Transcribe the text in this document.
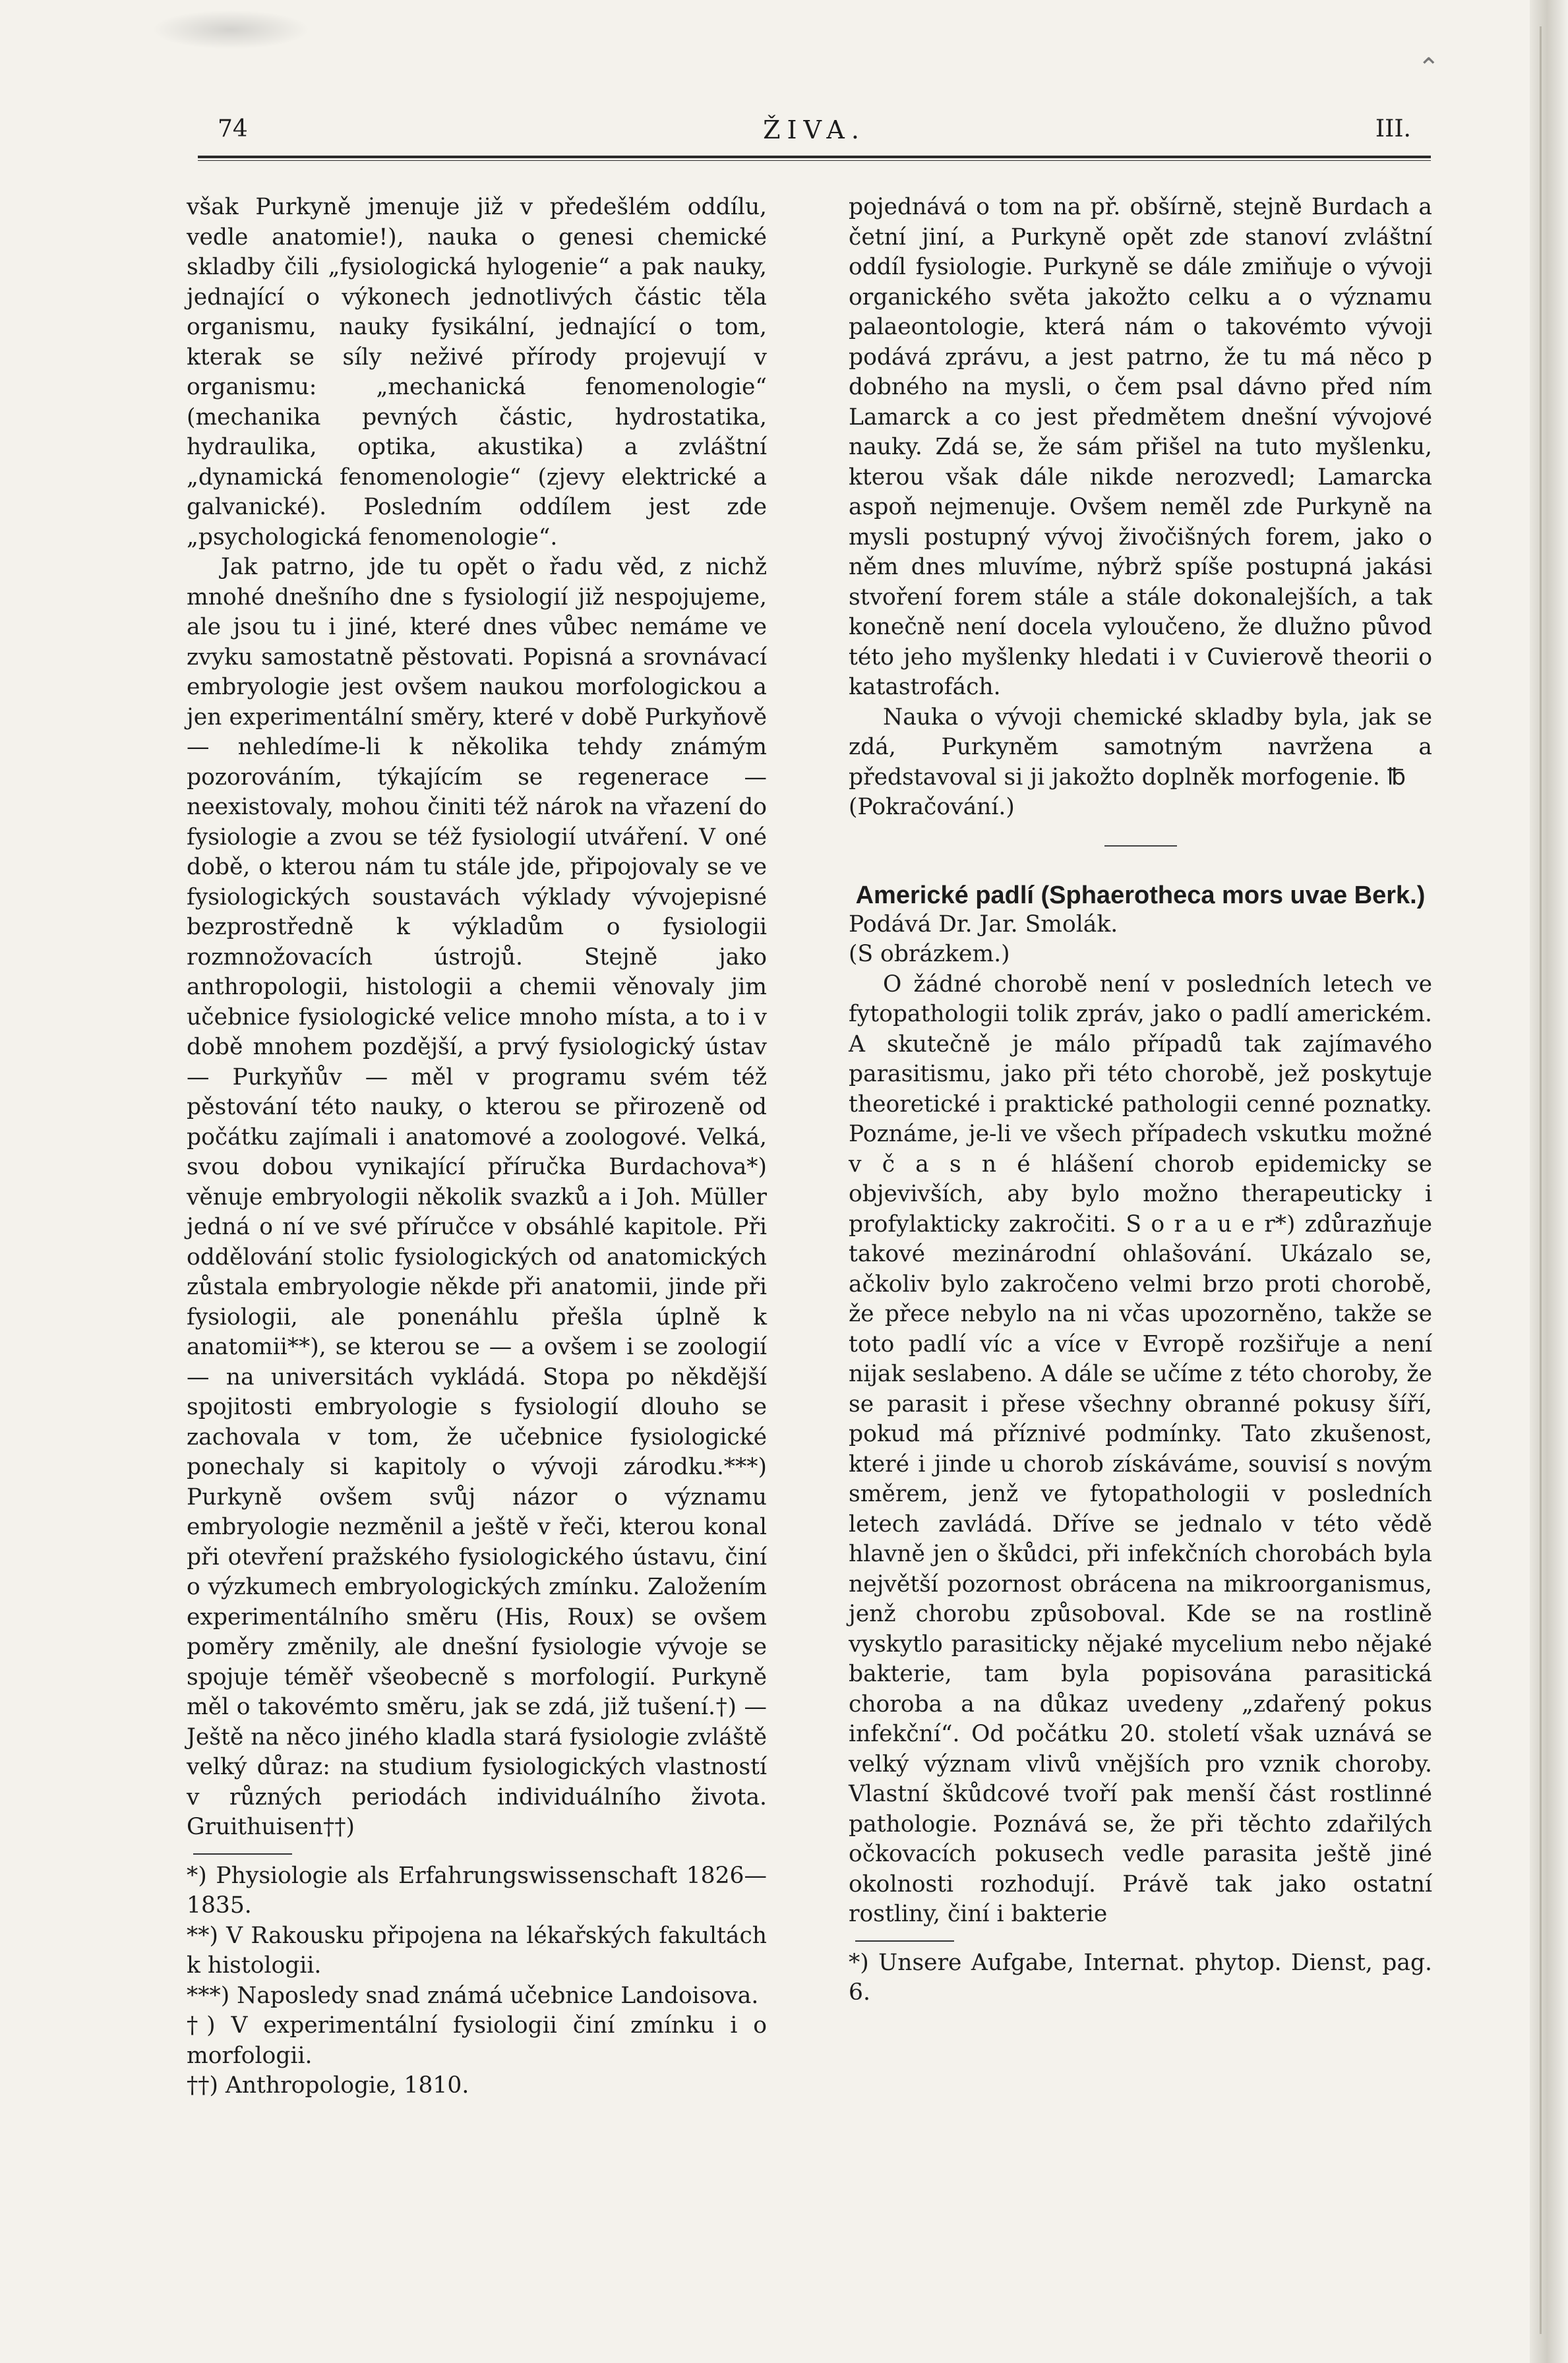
⌃
ŽIVA.
74	III.

však Purkyně jmenuje již v předešlém oddílu, vedle anatomie!), nauka o genesi chemické skladby čili „fysiologická hylogenie“ a pak nauky, jednající o výkonech jednotlivých částic těla organismu, nauky fysikální, jednající o tom, kterak se síly neživé přírody projevují v organismu: „mechanická fenomenologie“ (mechanika pevných částic, hydrostatika, hydraulika, optika, akustika) a zvláštní „dynamická fenomenologie“ (zjevy elektrické a galvanické). Posledním oddílem jest zde „psychologická fenomenologie“.

Jak patrno, jde tu opět o řadu věd, z nichž mnohé dnešního dne s fysiologií již nespojujeme, ale jsou tu i jiné, které dnes vůbec nemáme ve zvyku samostatně pěstovati. Popisná a srovnávací embryologie jest ovšem naukou morfologickou a jen experimentální směry, které v době Purkyňově — nehledíme-li k několika tehdy známým pozorováním, týkajícím se regenerace — neexistovaly, mohou činiti též nárok na vřazení do fysiologie a zvou se též fysiologií utváření. V oné době, o kterou nám tu stále jde, připojovaly se ve fysiologických soustavách výklady vývojepisné bezprostředně k výkladům o fysiologii rozmnožovacích ústrojů. Stejně jako anthropologii, histologii a chemii věnovaly jim učebnice fysiologické velice mnoho místa, a to i v době mnohem pozdější, a prvý fysiologický ústav — Purkyňův — měl v programu svém též pěstování této nauky, o kterou se přirozeně od počátku zajímali i anatomové a zoologové. Velká, svou dobou vynikající příručka Burdachova*) věnuje embryologii několik svazků a i Joh. Müller jedná o ní ve své příručce v obsáhlé kapitole. Při oddělování stolic fysiologických od anatomických zůstala embryologie někde při anatomii, jinde při fysiologii, ale ponenáhlu přešla úplně k anatomii**), se kterou se — a ovšem i se zoologií — na universitách vykládá. Stopa po někdější spojitosti embryologie s fysiologií dlouho se zachovala v tom, že učebnice fysiologické ponechaly si kapitoly o vývoji zárodku.***) Purkyně ovšem svůj názor o významu embryologie nezměnil a ještě v řeči, kterou konal při otevření pražského fysiologického ústavu, činí o výzkumech embryologických zmínku. Založením experimentálního směru (His, Roux) se ovšem poměry změnily, ale dnešní fysiologie vývoje se spojuje téměř všeobecně s morfologií. Purkyně měl o takovémto směru, jak se zdá, již tušení.†) — Ještě na něco jiného kladla stará fysiologie zvláště velký důraz: na studium fysiologických vlastností v různých periodách individuálního života. Gruithuisen††)

*) Physiologie als Erfahrungswissenschaft 1826—1835.

**) V Rakousku připojena na lékařských fakultách k histologii.

***) Naposledy snad známá učebnice Landoisova.

†) V experimentální fysiologii činí zmínku i o morfologii.

††) Anthropologie, 1810.

pojednává o tom na př. obšírně, stejně Burdach a četní jiní, a Purkyně opět zde stanoví zvláštní oddíl fysiologie. Purkyně se dále zmiňuje o vývoji organického světa jakožto celku a o významu palaeontologie, která nám o takovémto vývoji podává zprávu, a jest patrno, že tu má něco p dobného na mysli, o čem psal dávno před ním Lamarck a co jest předmětem dnešní vývojové nauky. Zdá se, že sám přišel na tuto myšlenku, kterou však dále nikde nerozvedl; Lamarcka aspoň nejmenuje. Ovšem neměl zde Purkyně na mysli postupný vývoj živočišných forem, jako o něm dnes mluvíme, nýbrž spíše postupná jakási stvoření forem stále a stále dokonalejších, a tak konečně není docela vyloučeno, že dlužno původ této jeho myšlenky hledati i v Cuvierově theorii o katastrofách.

Nauka o vývoji chemické skladby byla, jak se zdá, Purkyněm samotným navržena a představoval si ji jakožto doplněk morfogenie. ℔

(Pokračování.)

Americké padlí (Sphaerotheca mors uvae Berk.)

Podává Dr. Jar. Smolák.

(S obrázkem.)

O žádné chorobě není v posledních letech ve fytopathologii tolik zpráv, jako o padlí americkém. A skutečně je málo případů tak zajímavého parasitismu, jako při této chorobě, jež poskytuje theoretické i praktické pathologii cenné poznatky. Poznáme, je-li ve všech případech vskutku možné v č a s n é hlášení chorob epidemicky se objevivších, aby bylo možno therapeuticky i profylakticky zakročiti. S o r a u e r*) zdůrazňuje takové mezinárodní ohlašování. Ukázalo se, ačkoliv bylo zakročeno velmi brzo proti chorobě, že přece nebylo na ni včas upozorněno, takže se toto padlí víc a více v Evropě rozšiřuje a není nijak seslabeno. A dále se učíme z této choroby, že se parasit i přese všechny obranné pokusy šíří, pokud má příznivé podmínky. Tato zkušenost, které i jinde u chorob získáváme, souvisí s novým směrem, jenž ve fytopathologii v posledních letech zavládá. Dříve se jednalo v této vědě hlavně jen o škůdci, při infekčních chorobách byla největší pozornost obrácena na mikroorganismus, jenž chorobu způsoboval. Kde se na rostlině vyskytlo parasiticky nějaké mycelium nebo nějaké bakterie, tam byla popisována parasitická choroba a na důkaz uvedeny „zdařený pokus infekční“. Od počátku 20. století však uznává se velký význam vlivů vnějších pro vznik choroby. Vlastní škůdcové tvoří pak menší část rostlinné pathologie. Poznává se, že při těchto zdařilých očkovacích pokusech vedle parasita ještě jiné okolnosti rozhodují. Právě tak jako ostatní rostliny, činí i bakterie

*) Unsere Aufgabe, Internat. phytop. Dienst, pag. 6.
